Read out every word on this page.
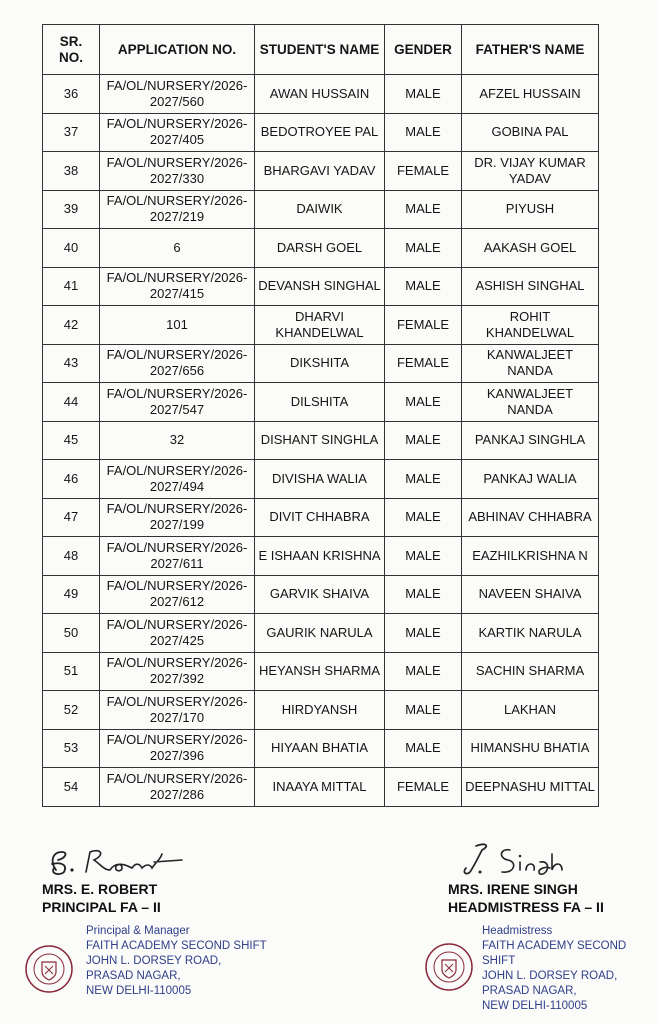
SR. NO.	APPLICATION NO.	STUDENT'S NAME	GENDER	FATHER'S NAME
36	FA/OL/NURSERY/2026-2027/560	AWAN HUSSAIN	MALE	AFZEL HUSSAIN
37	FA/OL/NURSERY/2026-2027/405	BEDOTROYEE PAL	MALE	GOBINA PAL
38	FA/OL/NURSERY/2026-2027/330	BHARGAVI YADAV	FEMALE	DR. VIJAY KUMAR YADAV
39	FA/OL/NURSERY/2026-2027/219	DAIWIK	MALE	PIYUSH
40	6	DARSH GOEL	MALE	AAKASH GOEL
41	FA/OL/NURSERY/2026-2027/415	DEVANSH SINGHAL	MALE	ASHISH SINGHAL
42	101	DHARVI KHANDELWAL	FEMALE	ROHIT KHANDELWAL
43	FA/OL/NURSERY/2026-2027/656	DIKSHITA	FEMALE	KANWALJEET NANDA
44	FA/OL/NURSERY/2026-2027/547	DILSHITA	MALE	KANWALJEET NANDA
45	32	DISHANT SINGHLA	MALE	PANKAJ SINGHLA
46	FA/OL/NURSERY/2026-2027/494	DIVISHA WALIA	MALE	PANKAJ WALIA
47	FA/OL/NURSERY/2026-2027/199	DIVIT CHHABRA	MALE	ABHINAV CHHABRA
48	FA/OL/NURSERY/2026-2027/611	E ISHAAN KRISHNA	MALE	EAZHILKRISHNA N
49	FA/OL/NURSERY/2026-2027/612	GARVIK SHAIVA	MALE	NAVEEN SHAIVA
50	FA/OL/NURSERY/2026-2027/425	GAURIK NARULA	MALE	KARTIK NARULA
51	FA/OL/NURSERY/2026-2027/392	HEYANSH SHARMA	MALE	SACHIN SHARMA
52	FA/OL/NURSERY/2026-2027/170	HIRDYANSH	MALE	LAKHAN
53	FA/OL/NURSERY/2026-2027/396	HIYAAN BHATIA	MALE	HIMANSHU BHATIA
54	FA/OL/NURSERY/2026-2027/286	INAAYA MITTAL	FEMALE	DEEPNASHU MITTAL
MRS. E. ROBERT
PRINCIPAL FA – II
Principal & Manager
FAITH ACADEMY SECOND SHIFT
JOHN L. DORSEY ROAD,
PRASAD NAGAR,
NEW DELHI-110005
MRS. IRENE SINGH
HEADMISTRESS FA – II
Headmistress
FAITH ACADEMY SECOND SHIFT
JOHN L. DORSEY ROAD,
PRASAD NAGAR,
NEW DELHI-110005
